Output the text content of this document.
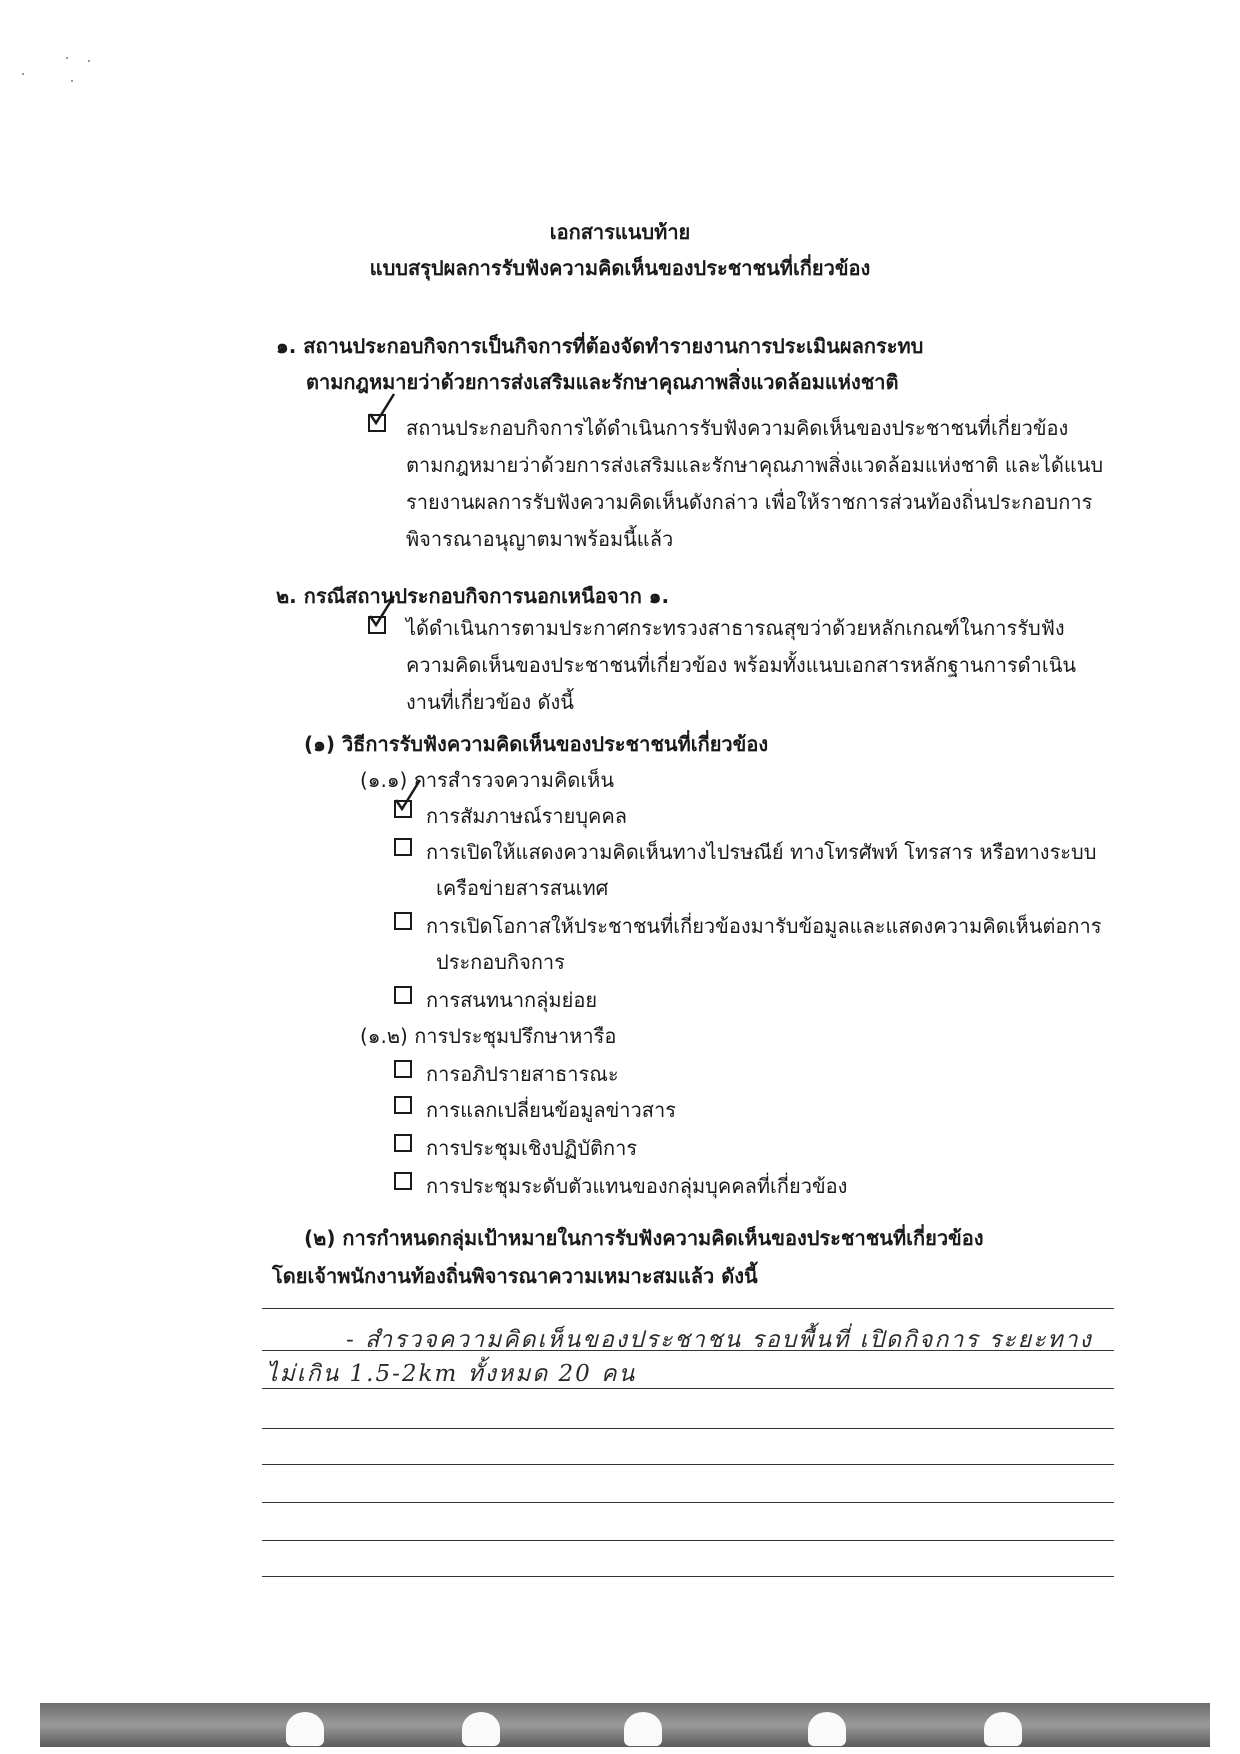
เอกสารแนบท้าย
แบบสรุปผลการรับฟังความคิดเห็นของประชาชนที่เกี่ยวข้อง
๑. สถานประกอบกิจการเป็นกิจการที่ต้องจัดทำรายงานการประเมินผลกระทบ
ตามกฎหมายว่าด้วยการส่งเสริมและรักษาคุณภาพสิ่งแวดล้อมแห่งชาติ
สถานประกอบกิจการได้ดำเนินการรับฟังความคิดเห็นของประชาชนที่เกี่ยวข้อง ตามกฎหมายว่าด้วยการส่งเสริมและรักษาคุณภาพสิ่งแวดล้อมแห่งชาติ และได้แนบรายงานผลการรับฟังความคิดเห็นดังกล่าว เพื่อให้ราชการส่วนท้องถิ่นประกอบการพิจารณาอนุญาตมาพร้อมนี้แล้ว
๒. กรณีสถานประกอบกิจการนอกเหนือจาก ๑.
ได้ดำเนินการตามประกาศกระทรวงสาธารณสุขว่าด้วยหลักเกณฑ์ในการรับฟังความคิดเห็นของประชาชนที่เกี่ยวข้อง พร้อมทั้งแนบเอกสารหลักฐานการดำเนินงานที่เกี่ยวข้อง ดังนี้
(๑) วิธีการรับฟังความคิดเห็นของประชาชนที่เกี่ยวข้อง
(๑.๑) การสำรวจความคิดเห็น
การสัมภาษณ์รายบุคคล
การเปิดให้แสดงความคิดเห็นทางไปรษณีย์ ทางโทรศัพท์ โทรสาร หรือทางระบบ
เครือข่ายสารสนเทศ
การเปิดโอกาสให้ประชาชนที่เกี่ยวข้องมารับข้อมูลและแสดงความคิดเห็นต่อการ
ประกอบกิจการ
การสนทนากลุ่มย่อย
(๑.๒) การประชุมปรึกษาหารือ
การอภิปรายสาธารณะ
การแลกเปลี่ยนข้อมูลข่าวสาร
การประชุมเชิงปฏิบัติการ
การประชุมระดับตัวแทนของกลุ่มบุคคลที่เกี่ยวข้อง
(๒) การกำหนดกลุ่มเป้าหมายในการรับฟังความคิดเห็นของประชาชนที่เกี่ยวข้อง
โดยเจ้าพนักงานท้องถิ่นพิจารณาความเหมาะสมแล้ว ดังนี้
- สำรวจความคิดเห็นของประชาชน รอบพื้นที่ เปิดกิจการ ระยะทาง
ไม่เกิน 1.5-2km ทั้งหมด 20 คน
